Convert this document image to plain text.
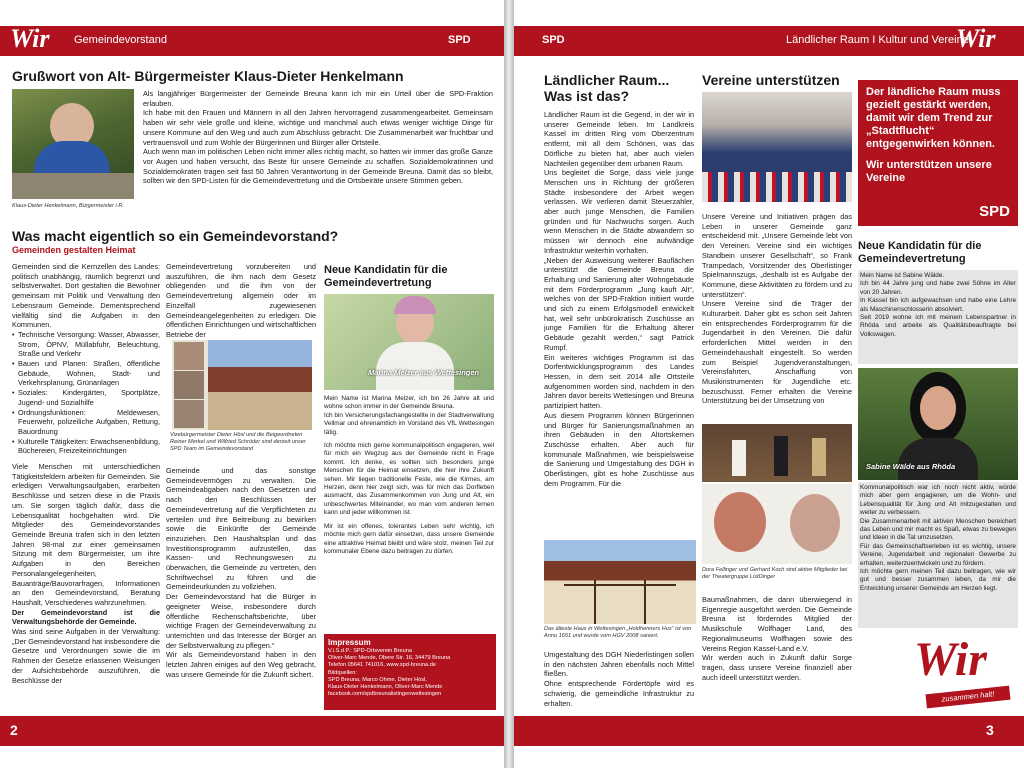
Wir Gemeindevorstand	SPD
Grußwort von Alt- Bürgermeister Klaus-Dieter Henkelmann
Klaus-Dieter Henkelmann, Bürgermeister i.R.

Als langjähriger Bürgermeister der Gemeinde Breuna kann ich mir ein Urteil über die SPD-Fraktion erlauben.

Ich habe mit den Frauen und Männern in all den Jahren hervorragend zusammengearbeitet. Gemeinsam haben wir sehr viele große und kleine, wichtige und manchmal auch etwas weniger wichtige Dinge für unsere Kommune auf den Weg und auch zum Abschluss gebracht. Die Zusammenarbeit war fruchtbar und vertrauensvoll und zum Wohle der Bürgerinnen und Bürger aller Ortsteile.

Auch wenn man im politischen Leben nicht immer alles richtig macht, so hatten wir immer das große Ganze vor Augen und haben versucht, das Beste für unsere Gemeinde zu schaffen. Sozialdemokratinnen und Sozialdemokraten tragen seit fast 50 Jahren Verantwortung in der Gemeinde Breuna. Damit das so bleibt, sollten wir den SPD-Listen für die Gemeindevertretung und die Ortsbeiräte unsere Stimmen geben.

Was macht eigentlich so ein Gemeindevorstand?
Gemeinden gestalten Heimat

Gemeinden sind die Kernzellen des Landes: politisch unabhängig, räumlich begrenzt und selbstverwaltet. Dort gestalten die Bewohner gemeinsam mit Politik und Verwaltung den Lebensraum Gemeinde. Dementsprechend vielfältig sind die Aufgaben in den Kommunen.

• Technische Versorgung: Wasser, Abwasser, Strom, ÖPNV, Müllabfuhr, Beleuchtung, Straße und Verkehr
• Bauen und Planen: Straßen, öffentliche Gebäude, Wohnen, Stadt- und Verkehrsplanung, Grünanlagen
• Soziales: Kindergärten, Sportplätze, Jugend- und Sozialhilfe
• Ordnungsfunktionen: Meldewesen, Feuerwehr, polizeiliche Aufgaben, Rettung, Bauordnung
• Kulturelle Tätigkeiten: Erwachsenenbildung, Büchereien, Freizeiteinrichtungen

Viele Menschen mit unterschiedlichen Tätigkeitsfeldern arbeiten für Gemeinden. Sie erledigen Verwaltungsaufgaben, erarbeiten Beschlüsse und setzen diese in die Praxis um. Sie sorgen täglich dafür, dass die Lebensqualität hochgehalten wird. Die Mitglieder des Gemeindevorstandes Gemeinde Breuna trafen sich in den letzten Jahren 98-mal zur einer gemeinsamen Sitzung mit dem Bürgermeister, um ihre Aufgaben in den Bereichen Personalangelegenheiten, Bauanträge/Bauvorarfragen, Informationen an den Gemeindevorstand, Beratung Haushalt, Verschiedenes wahrzunehmen.

Der Gemeindevorstand ist die Verwaltungsbehörde der Gemeinde.

Was sind seine Aufgaben in der Verwaltung: „Der Gemeindevorstand hat insbesondere die Gesetze und Verordnungen sowie die im Rahmen der Gesetze erlassenen Weisungen der Aufsichtsbehörde auszuführen, die Beschlüsse der

Gemeindevertretung vorzubereiten und auszuführen, die ihm nach dem Gesetz obliegenden und die ihm von der Gemeindevertretung allgemein oder im Einzelfall zugewiesenen Gemeindeangelegenheiten zu erledigen. Die öffentlichen Einrichtungen und wirtschaftlichen Betriebe der
Vizebürgermeister Dieter Hösl und die Beigeordneten Reiner Merkel und Wilfried Schröder sind derzeit unser SPD Team im Gemeindevorstand

Gemeinde und das sonstige Gemeindevermögen zu verwalten. Die Gemeindeabgaben nach den Gesetzen und nach den Beschlüssen der Gemeindevertretung auf die Verpflichteten zu verteilen und ihre Beitreibung zu bewirken sowie die Einkünfte der Gemeinde einzuziehen. Den Haushaltsplan und das Investitionsprogramm aufzustellen, das Kassen- und Rechnungswesen zu überwachen, die Gemeinde zu vertreten, den Schriftwechsel zu führen und die Gemeindeurkunden zu vollziehen.

Der Gemeindevorstand hat die Bürger in geeigneter Weise, insbesondere durch öffentliche Rechenschaftsberichte, über wichtige Fragen der Gemeindeverwaltung zu unterrichten und das Interesse der Bürger an der Selbstverwaltung zu pflegen.“

Wir als Gemeindevorstand haben in den letzten Jahren einiges auf den Weg gebracht, was unsere Gemeinde für die Zukunft sichert.

Neue Kandidatin für die Gemeindevertretung
Marina Melzer aus Wettesingen

Mein Name ist Marina Melzer, ich bin 26 Jahre alt und wohne schon immer in der Gemeinde Breuna.

Ich bin Versicherungsfachangestellte in der Stadtverwaltung Vellmar und ehrenamtlich im Vorstand des VfL Wettesingen tätig.

Ich möchte mich gerne kommunalpolitisch engagieren, weil für mich ein Wegzug aus der Gemeinde nicht in Frage kommt. Ich denke, es sollten sich besonders junge Menschen für die Heimat einsetzen, die hier ihre Zukunft sehen. Mir liegen traditionelle Feste, wie die Kirmes, am Herzen, denn hier zeigt sich, was für mich das Dorfleben ausmacht, das Zusammenkommen von Jung und Alt, ein unbeschwertes Miteinander, wo man vom anderen lernen kann und jeder willkommen ist.

Mir ist ein offenes, tolerantes Leben sehr wichtig, ich möchte mich gern dafür einsetzen, dass unsere Gemeinde eine attraktive Heimat bleibt und wäre stolz, meinen Teil zur kommunaler Ebene dazu beitragen zu dürfen.

Impressum
V.i.S.d.P.: SPD-Ortsverein Breuna
Oliver-Marc Mende, Obere Str. 16, 34479 Breuna
Telefon 05641 741016, www.spd-breuna.de
Bildquellen:
SPD Breuna, Marco Ohme, Dieter Hösl,
Klaus-Dieter Henkelmann, Oliver-Marc Mende
facebook.com/spdbreunalistingenwettesingen
2
SPD	Ländlicher Raum I Kultur und Vereine
Wir
Ländlicher Raum... Was ist das?

Ländlicher Raum ist die Gegend, in der wir in unserer Gemeinde leben. Im Landkreis Kassel im dritten Ring vom Oberzentrum entfernt, mit all dem Schönen, was das Dörfliche zu bieten hat, aber auch vielen Nachteilen gegenüber dem urbanen Raum.

Uns begleitet die Sorge, dass viele junge Menschen uns in Richtung der größeren Städte insbesondere der Arbeit wegen verlassen. Wir verlieren damit Steuerzahler, aber auch junge Menschen, die Familien gründen und für Nachwuchs sorgen. Auch wenn Menschen in die Städte abwandern so müssen wir dennoch eine aufwändige Infrastruktur weiterhin vorhalten.

„Neben der Ausweisung weiterer Bauflächen unterstützt die Gemeinde Breuna die Erhaltung und Sanierung alter Wohngebäude mit dem Förderprogramm „Jung kauft Alt“, welches von der SPD-Fraktion initiiert wurde und sich zu einem Erfolgsmodell entwickelt hat, weil sehr unbürokratisch Zuschüsse an junge Familien für die Erhaltung älterer Gebäude gezahlt werden,“ sagt Patrick Rumpf.

Ein weiteres wichtiges Programm ist das Dorfentwicklungsprogramm des Landes Hessen, in dem seit 2014 alle Ortsteile aufgenommen worden sind, nachdem in den Jahren davor bereits Wettesingen und Breuna partizipiert hatten.

Aus diesem Programm können Bürgerinnen und Bürger für Sanierungsmaßnahmen an ihren Gebäuden in den Altortskernen Zuschüsse erhalten. Aber auch für kommunale Maßnahmen, wie beispielsweise die Sanierung und Umgestaltung des DGH in Oberlistingen, gibt es hohe Zuschüsse aus dem Programm. Für die

Das älteste Haus in Wettesingen „Holdhenners Hus“ ist von Anno 1651 und wurde vom HGV 2008 saniert.

Umgestaltung des DGH Niederlistingen sollen in den nächsten Jahren ebenfalls noch Mittel fließen.

Ohne entsprechende Fördertöpfe wird es schwierig, die gemeindliche Infrastruktur zu erhalten.

Vereine unterstützen

Unsere Vereine und Initiativen prägen das Leben in unserer Gemeinde ganz entscheidend mit. „Unsere Gemeinde lebt von den Vereinen. Vereine sind ein wichtiges Standbein unserer Gesellschaft“, so Frank Trampedach, Vorsitzender des Oberlistinger Spielmannszugs, „deshalb ist es Aufgabe der Kommune, diese Aktivitäten zu fördern und zu unterstützen“.

Unsere Vereine sind die Träger der Kulturarbeit. Daher gibt es schon seit Jahren ein entsprechendes Förderprogramm für die Jugendarbeit in den Vereinen. Die dafür erforderlichen Mittel werden in den Gemeindehaushalt eingestellt. So werden zum Beispiel Jugendveranstaltungen, Vereinsfahrten, Anschaffung von Musikinstrumenten für Jugendliche etc. bezuschusst. Ferner erhalten die Vereine Unterstützung bei der Umsetzung von

Dora Fellinger und Gerhard Koch sind aktive Mitglieder bei der Theatergruppe ListDinger

Baumaßnahmen, die dann überwiegend in Eigenregie ausgeführt werden. Die Gemeinde Breuna ist förderndes Mitglied der Musikschule Wolfhager Land, des Regionalmuseums Wolfhagen sowie des Vereins Region Kassel-Land e.V.

Wir werden auch in Zukunft dafür Sorge tragen, dass unsere Vereine finanziell aber auch ideell unterstützt werden.

Der ländliche Raum muss gezielt gestärkt werden, damit wir dem Trend zur „Stadtflucht“ entgegenwirken können.
Wir unterstützen unsere Vereine
SPD
Neue Kandidatin für die Gemeindevertretung

Mein Name ist Sabine Wälde.

Ich bin 44 Jahre jung und habe zwei Söhne im Alter von 20 Jahren.

In Kassel bin ich aufgewachsen und habe eine Lehre als Maschinenschlosserin absolviert.

Seit 2019 wohne ich mit meinem Lebenspartner in Rhöda und arbeite als Qualitätsbeauftragte bei Volkswagen.

Sabine Wälde aus Rhöda

Kommunalpolitisch war ich noch nicht aktiv, würde mich aber gern engagieren, um die Wohn- und Lebensqualität für Jung und Alt mitzugestalten und weiter zu verbessern.

Die Zusammenarbeit mit aktiven Menschen bereichert das Leben und mir macht es Spaß, etwas zu bewegen und Ideen in die Tat umzusetzen.

Für das Gemeinschaftserleben ist es wichtig, unsere Vereine, Jugendarbeit und regionalen Gewerbe zu erhalten, weiterzuentwickeln und zu fördern.

Ich möchte gern meinen Teil dazu beitragen, wie wir gut und besser zusammen leben, da mir die Entwicklung unserer Gemeinde am Herzen liegt.

Wir
zusammen halt!
3
